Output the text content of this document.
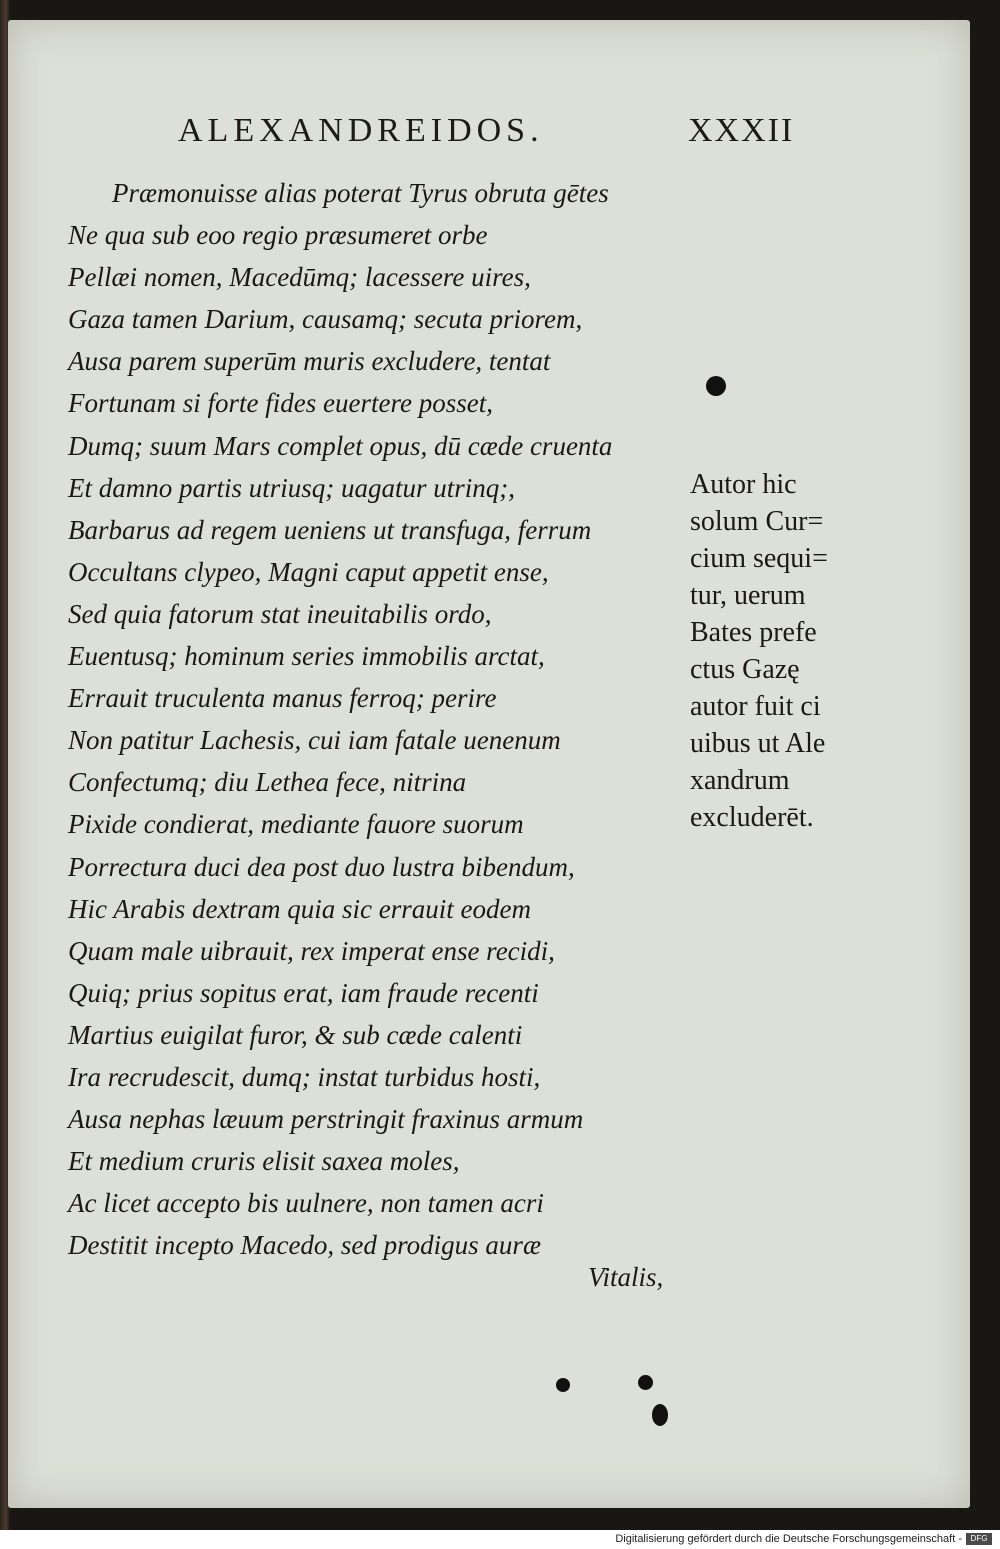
ALEXANDREIDOS.	XXXII
Præmonuisse alias poterat Tyrus obruta gētes
Ne qua sub eoo regio præsumeret orbe
Pellæi nomen, Macedūmq; lacessere uires,
Gaza tamen Darium, causamq; secuta priorem,
Ausa parem superūm muris excludere, tentat
Fortunam si forte fides euertere posset,
Dumq; suum Mars complet opus, dū cæde cruenta
Et damno partis utriusq; uagatur utrinq;,
Barbarus ad regem ueniens ut transfuga, ferrum
Occultans clypeo, Magni caput appetit ense,
Sed quia fatorum stat ineuitabilis ordo,
Euentusq; hominum series immobilis arctat,
Errauit truculenta manus ferroq; perire
Non patitur Lachesis, cui iam fatale uenenum
Confectumq; diu Lethea fece, nitrina
Pixide condierat, mediante fauore suorum
Porrectura duci dea post duo lustra bibendum,
Hic Arabis dextram quia sic errauit eodem
Quam male uibrauit, rex imperat ense recidi,
Quiq; prius sopitus erat, iam fraude recenti
Martius euigilat furor, & sub cæde calenti
Ira recrudescit, dumq; instat turbidus hosti,
Ausa nephas læuum perstringit fraxinus armum
Et medium cruris elisit saxea moles,
Ac licet accepto bis uulnere, non tamen acri
Destitit incepto Macedo, sed prodigus auræ
Vitalis,
Autor hic
solum Cur=
cium sequi=
tur, uerum
Bates prefe
ctus Gazę
autor fuit ci
uibus ut Ale
xandrum
excluderēt.
Digitalisierung gefördert durch die Deutsche Forschungsgemeinschaft -	DFG
